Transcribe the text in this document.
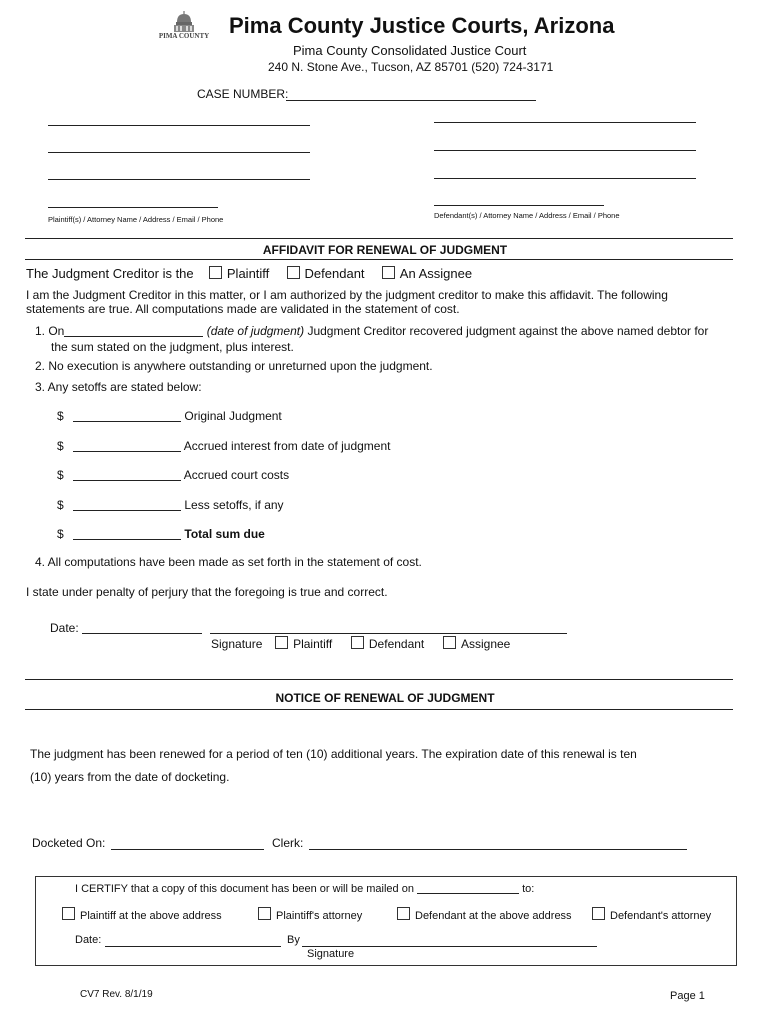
PIMA COUNTY Pima County Justice Courts, Arizona
Pima County Consolidated Justice Court
240 N. Stone Ave., Tucson, AZ 85701 (520) 724-3171
CASE NUMBER:
Plaintiff(s) / Attorney Name / Address / Email / Phone	Defendant(s) / Attorney Name / Address / Email / Phone
AFFIDAVIT FOR RENEWAL OF JUDGMENT
The Judgment Creditor is the	Plaintiff	Defendant	An Assignee
I am the Judgment Creditor in this matter, or I am authorized by the judgment creditor to make this affidavit. The following statements are true. All computations made are validated in the statement of cost.
1. On	(date of judgment) Judgment Creditor recovered judgment against the above named debtor for
the sum stated on the judgment, plus interest.
2. No execution is anywhere outstanding or unreturned upon the judgment.
3. Any setoffs are stated below:
$	Original Judgment
$	Accrued interest from date of judgment
$	Accrued court costs
$	Less setoffs, if any
$	Total sum due
4. All computations have been made as set forth in the statement of cost.
I state under penalty of perjury that the foregoing is true and correct.
Date:
Signature	Plaintiff	Defendant	Assignee
NOTICE OF RENEWAL OF JUDGMENT
The judgment has been renewed for a period of ten (10) additional years. The expiration date of this renewal is ten
(10) years from the date of docketing.
Docketed On:	Clerk:
I CERTIFY that a copy of this document has been or will be mailed on	to:
Plaintiff at the above address	Plaintiff's attorney	Defendant at the above address	Defendant's attorney
Date:	By
Signature
CV7 Rev. 8/1/19	Page 1
